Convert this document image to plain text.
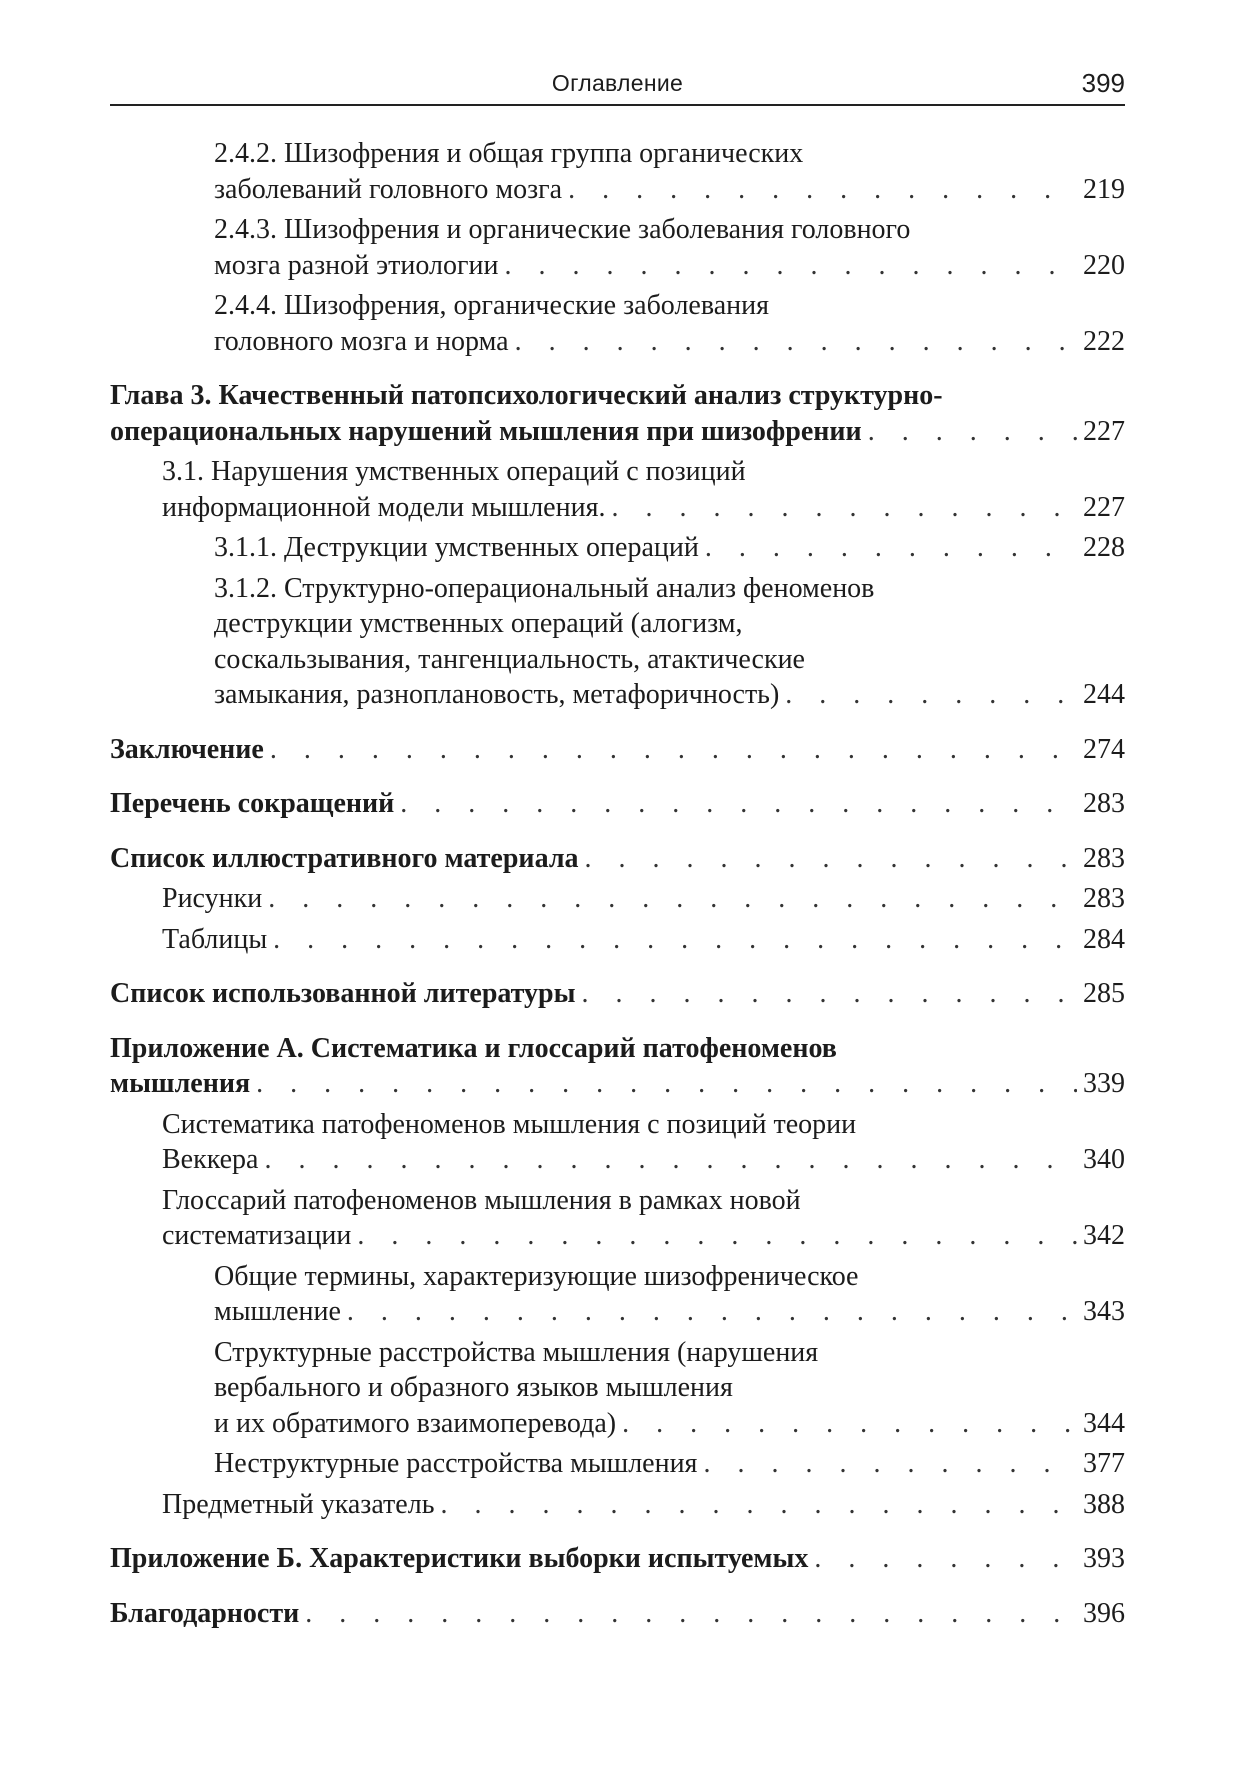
Оглавление	399
2.4.2. Шизофрения и общая группа органических
заболеваний головного мозга . . .	219
2.4.3. Шизофрения и органические заболевания головного
мозга разной этиологии . . .	220
2.4.4. Шизофрения, органические заболевания
головного мозга и норма . . .	222
Глава 3. Качественный патопсихологический анализ структурно-
операциональных нарушений мышления при шизофрении . . .	227
3.1. Нарушения умственных операций с позиций
информационной модели мышления. . . .	227
3.1.1. Деструкции умственных операций . . .	228
3.1.2. Структурно-операциональный анализ феноменов
деструкции умственных операций (алогизм,
соскальзывания, тангенциальность, атактические
замыкания, разноплановость, метафоричность) . . .	244
Заключение . . .	274
Перечень сокращений . . .	283
Список иллюстративного материала . . .	283
Рисунки . . .	283
Таблицы . . .	284
Список использованной литературы . . .	285
Приложение А. Систематика и глоссарий патофеноменов
мышления . . .	339
Систематика патофеноменов мышления с позиций теории
Веккера . . .	340
Глоссарий патофеноменов мышления в рамках новой
систематизации . . .	342
Общие термины, характеризующие шизофреническое
мышление . . .	343
Структурные расстройства мышления (нарушения
вербального и образного языков мышления
и их обратимого взаимоперевода) . . .	344
Неструктурные расстройства мышления . . .	377
Предметный указатель . . .	388
Приложение Б. Характеристики выборки испытуемых . . .	393
Благодарности . . .	396
